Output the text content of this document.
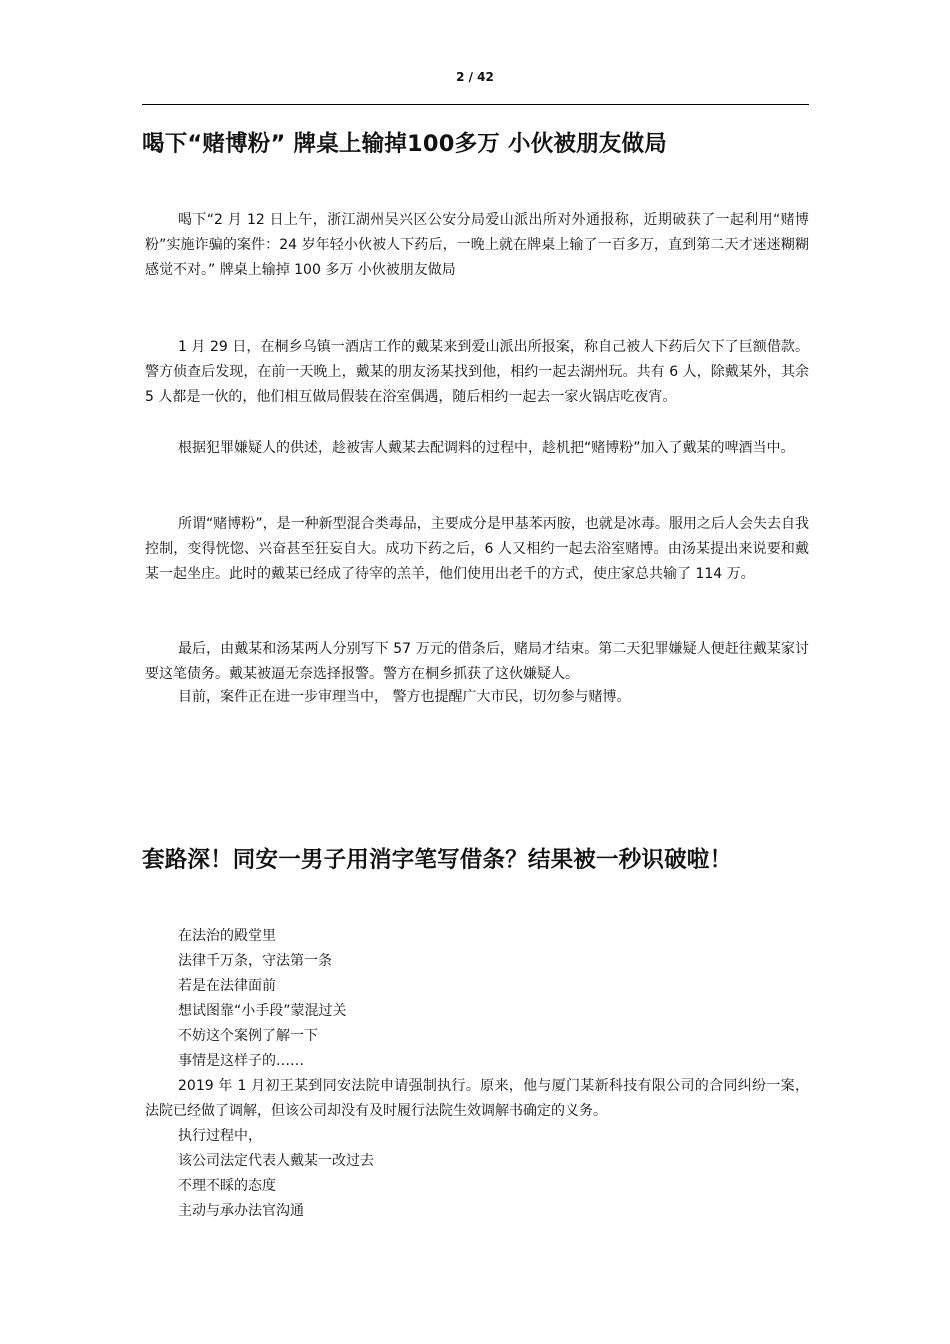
2 / 42
喝下“赌博粉” 牌桌上输掉100多万 小伙被朋友做局

喝下“2 月 12 日上午，浙江湖州吴兴区公安分局爱山派出所对外通报称，近期破获了一起利用“赌博粉”实施诈骗的案件：24 岁年轻小伙被人下药后，一晚上就在牌桌上输了一百多万，直到第二天才迷迷糊糊感觉不对。” 牌桌上输掉 100 多万 小伙被朋友做局

1 月 29 日，在桐乡乌镇一酒店工作的戴某来到爱山派出所报案，称自己被人下药后欠下了巨额借款。警方侦查后发现，在前一天晚上，戴某的朋友汤某找到他，相约一起去湖州玩。共有 6 人，除戴某外，其余 5 人都是一伙的，他们相互做局假装在浴室偶遇，随后相约一起去一家火锅店吃夜宵。

根据犯罪嫌疑人的供述，趁被害人戴某去配调料的过程中，趁机把“赌博粉”加入了戴某的啤酒当中。

所谓“赌博粉”，是一种新型混合类毒品，主要成分是甲基苯丙胺，也就是冰毒。服用之后人会失去自我控制，变得恍惚、兴奋甚至狂妄自大。成功下药之后，6 人又相约一起去浴室赌博。由汤某提出来说要和戴某一起坐庄。此时的戴某已经成了待宰的羔羊，他们使用出老千的方式，使庄家总共输了 114 万。

最后，由戴某和汤某两人分别写下 57 万元的借条后，赌局才结束。第二天犯罪嫌疑人便赶往戴某家讨要这笔债务。戴某被逼无奈选择报警。警方在桐乡抓获了这伙嫌疑人。

目前，案件正在进一步审理当中， 警方也提醒广大市民，切勿参与赌博。

套路深！同安一男子用消字笔写借条？结果被一秒识破啦！

在法治的殿堂里

法律千万条，守法第一条

若是在法律面前

想试图靠“小手段”蒙混过关

不妨这个案例了解一下

事情是这样子的……

2019 年 1 月初王某到同安法院申请强制执行。原来，他与厦门某新科技有限公司的合同纠纷一案，法院已经做了调解，但该公司却没有及时履行法院生效调解书确定的义务。

执行过程中，

该公司法定代表人戴某一改过去

不理不睬的态度

主动与承办法官沟通
